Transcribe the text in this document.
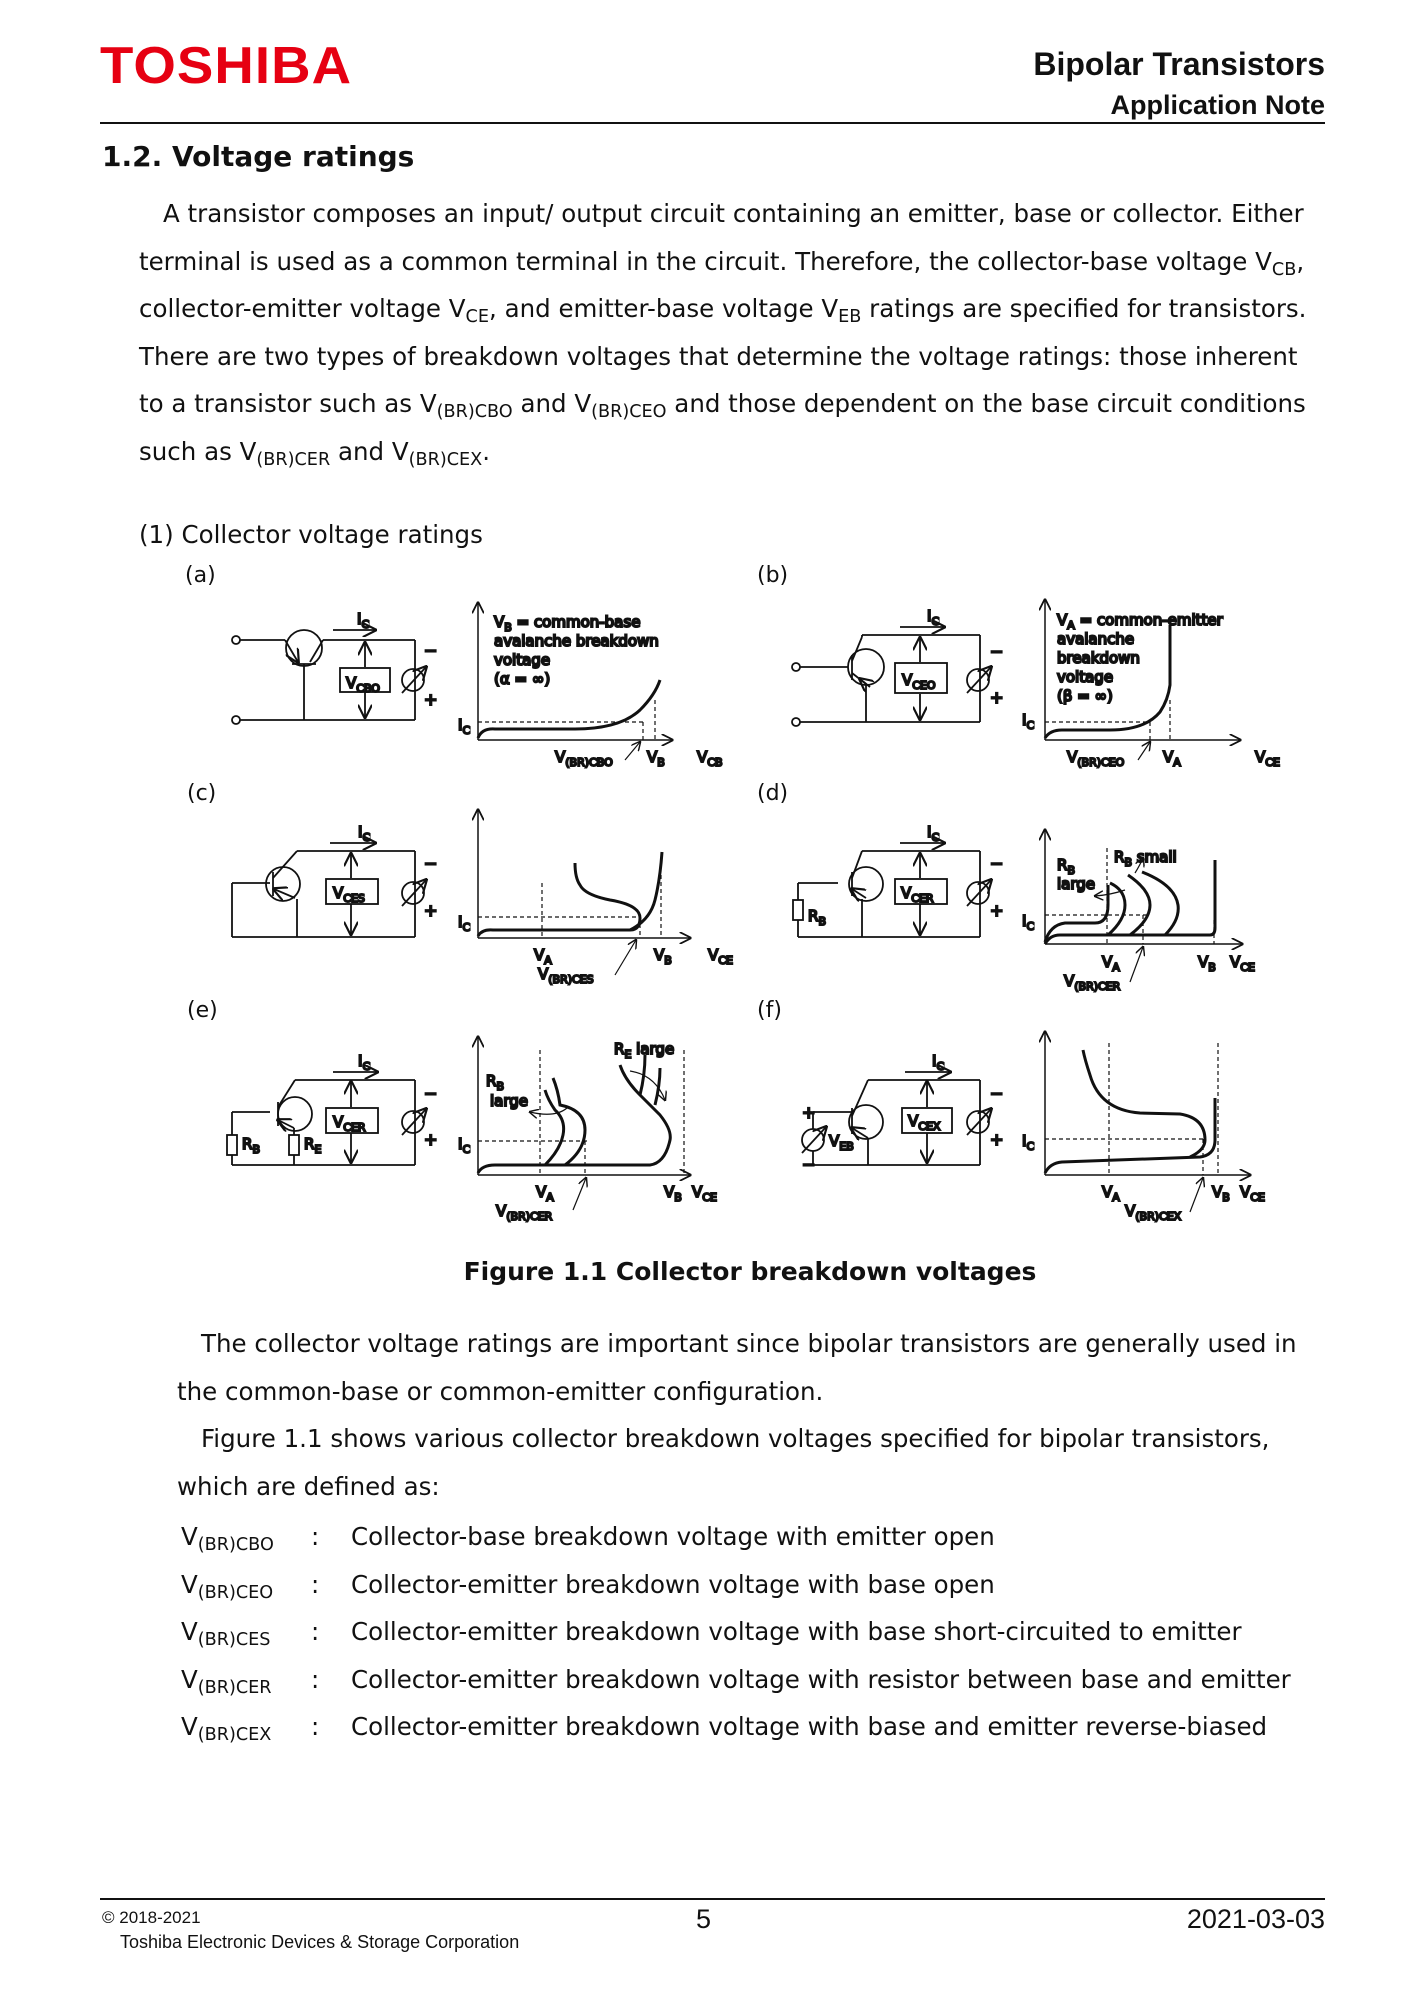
TOSHIBA	Bipolar Transistors
Application Note
1.2. Voltage ratings
A transistor composes an input/ output circuit containing an emitter, base or collector. Either terminal is used as a common terminal in the circuit. Therefore, the collector-base voltage $V_{CB}$, collector-emitter voltage $V_{CE}$, and emitter-base voltage $V_{EB}$ ratings are specified for transistors. There are two types of breakdown voltages that determine the voltage ratings: those inherent to a transistor such as $V_{(BR)CBO}$ and $V_{(BR)CEO}$ and those dependent on the base circuit conditions such as $V_{(BR)CER}$ and $V_{(BR)CEX}$.
(1) Collector voltage ratings
(a)	(b)
(c)	(d)
(e)	(f)
$I_C$
$V_{CBO}$
−
+
$I_C$
$V_B$ = common-base
avalanche breakdown
voltage
(α = ∞)
$V_{(BR)CBO}$ $V_B$ $V_{CB}$
$I_C$
$V_{CEO}$
−
+
$I_C$
$V_A$ = common-emitter
avalanche
breakdown
voltage
(β = ∞)
$V_{(BR)CEO}$	$V_A$	$V_{CE}$
$I_C$
$V_{CES}$
−
+
$I_C$
$V_A$
$V_{(BR)CES}$
$V_B$ $V_{CE}$
$I_C$
$V_{CER}$
$R_B$
−
+
$I_C$
$R_B$
large
$R_B$ small
$V_A$
$V_{(BR)CER}$
$V_B$ $V_{CE}$
$I_C$
$V_{CER}$
$R_B$	$R_E$
−
+ $I_C$
$R_B$
large
$R_E$ large
$V_A$
$V_{(BR)CER}$
$V_B$ $V_{CE}$
$I_C$
$V_{CEX}$
$V_{EB}$
+
−
−
+ $I_C$
$V_A$
$V_{(BR)CEX}$
$V_B$ $V_{CE}$
Figure 1.1 Collector breakdown voltages
The collector voltage ratings are important since bipolar transistors are generally used in the common-base or common-emitter configuration.
Figure 1.1 shows various collector breakdown voltages specified for bipolar transistors, which are defined as:
$V_{(BR)CBO}$	:	Collector-base breakdown voltage with emitter open
$V_{(BR)CEO}$	:	Collector-emitter breakdown voltage with base open
$V_{(BR)CES}$	:	Collector-emitter breakdown voltage with base short-circuited to emitter
$V_{(BR)CER}$	:	Collector-emitter breakdown voltage with resistor between base and emitter
$V_{(BR)CEX}$	:	Collector-emitter breakdown voltage with base and emitter reverse-biased
© 2018-2021
Toshiba Electronic Devices & Storage Corporation
5	2021-03-03
